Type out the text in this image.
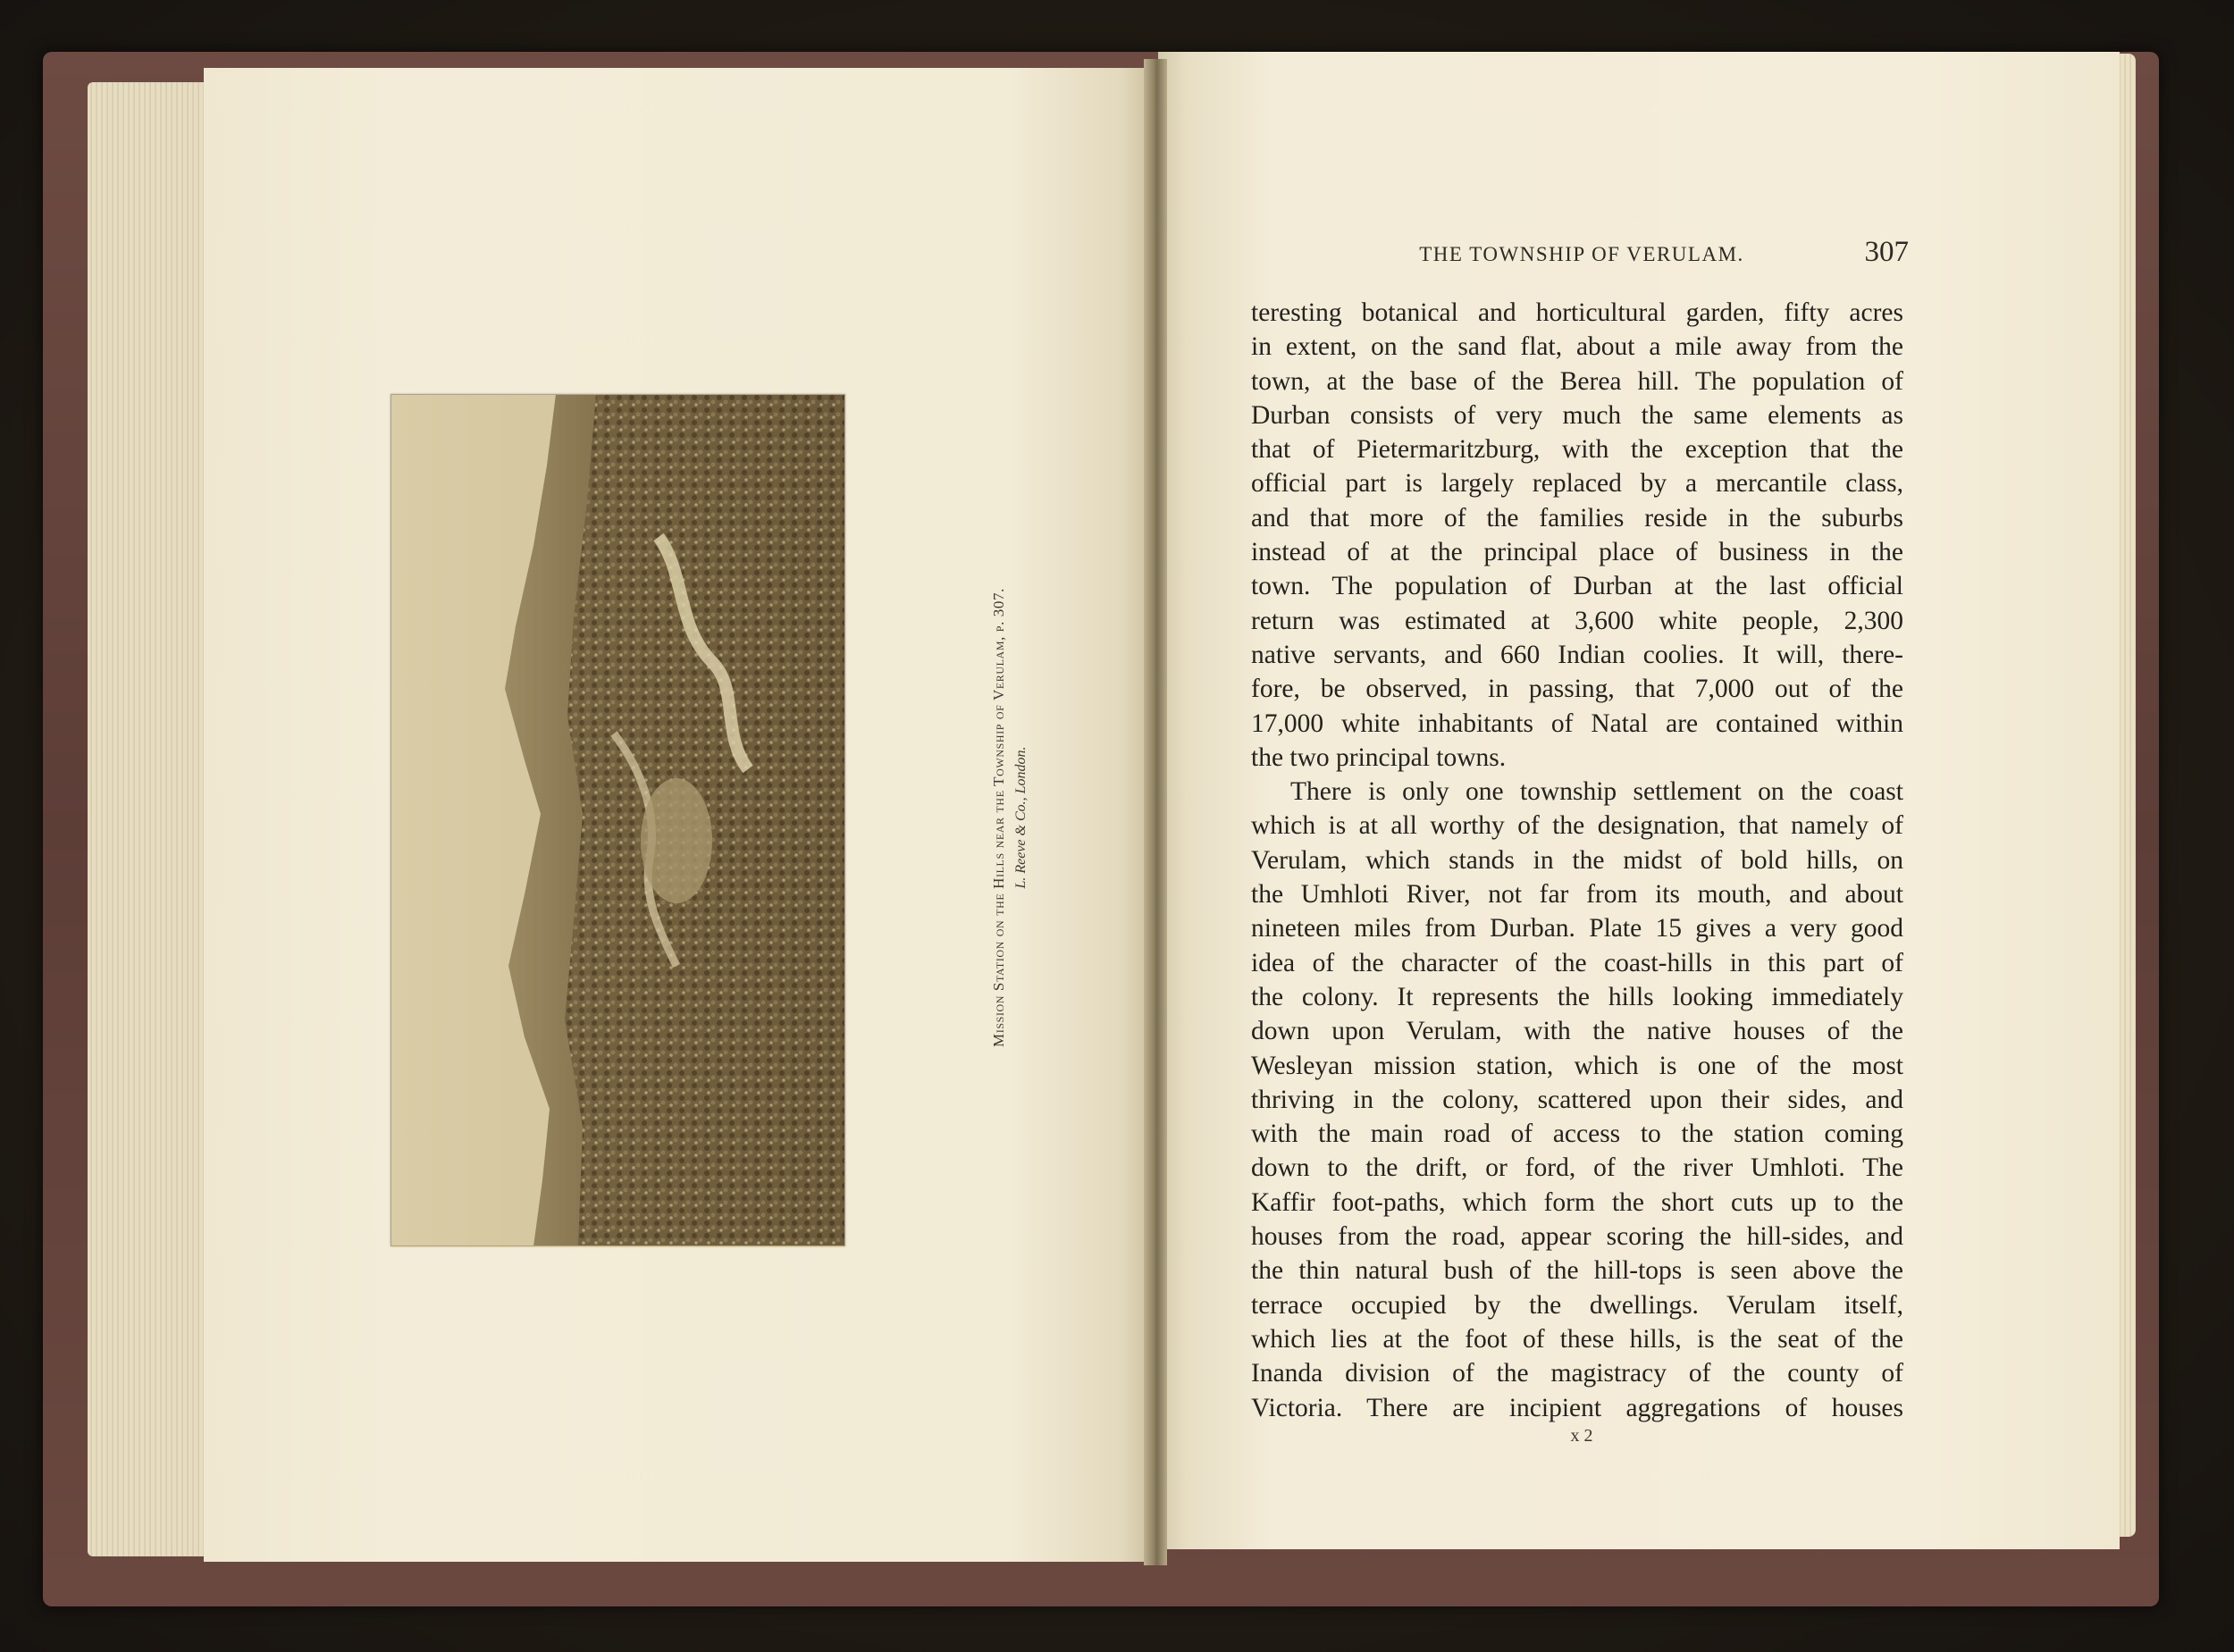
Mission Station on the Hills near the Township of Verulam, p. 307. L. Reeve & Co., London.
THE TOWNSHIP OF VERULAM.	307
teresting botanical and horticultural garden, fifty acres
in extent, on the sand flat, about a mile away from the
town, at the base of the Berea hill. The population of
Durban consists of very much the same elements as
that of Pietermaritzburg, with the exception that the
official part is largely replaced by a mercantile class,
and that more of the families reside in the suburbs
instead of at the principal place of business in the
town. The population of Durban at the last official
return was estimated at 3,600 white people, 2,300
native servants, and 660 Indian coolies. It will, there-
fore, be observed, in passing, that 7,000 out of the
17,000 white inhabitants of Natal are contained within
the two principal towns.
There is only one township settlement on the coast
which is at all worthy of the designation, that namely of
Verulam, which stands in the midst of bold hills, on
the Umhloti River, not far from its mouth, and about
nineteen miles from Durban. Plate 15 gives a very good
idea of the character of the coast-hills in this part of
the colony. It represents the hills looking immediately
down upon Verulam, with the native houses of the
Wesleyan mission station, which is one of the most
thriving in the colony, scattered upon their sides, and
with the main road of access to the station coming
down to the drift, or ford, of the river Umhloti. The
Kaffir foot-paths, which form the short cuts up to the
houses from the road, appear scoring the hill-sides, and
the thin natural bush of the hill-tops is seen above the
terrace occupied by the dwellings. Verulam itself,
which lies at the foot of these hills, is the seat of the
Inanda division of the magistracy of the county of
Victoria. There are incipient aggregations of houses
x 2
